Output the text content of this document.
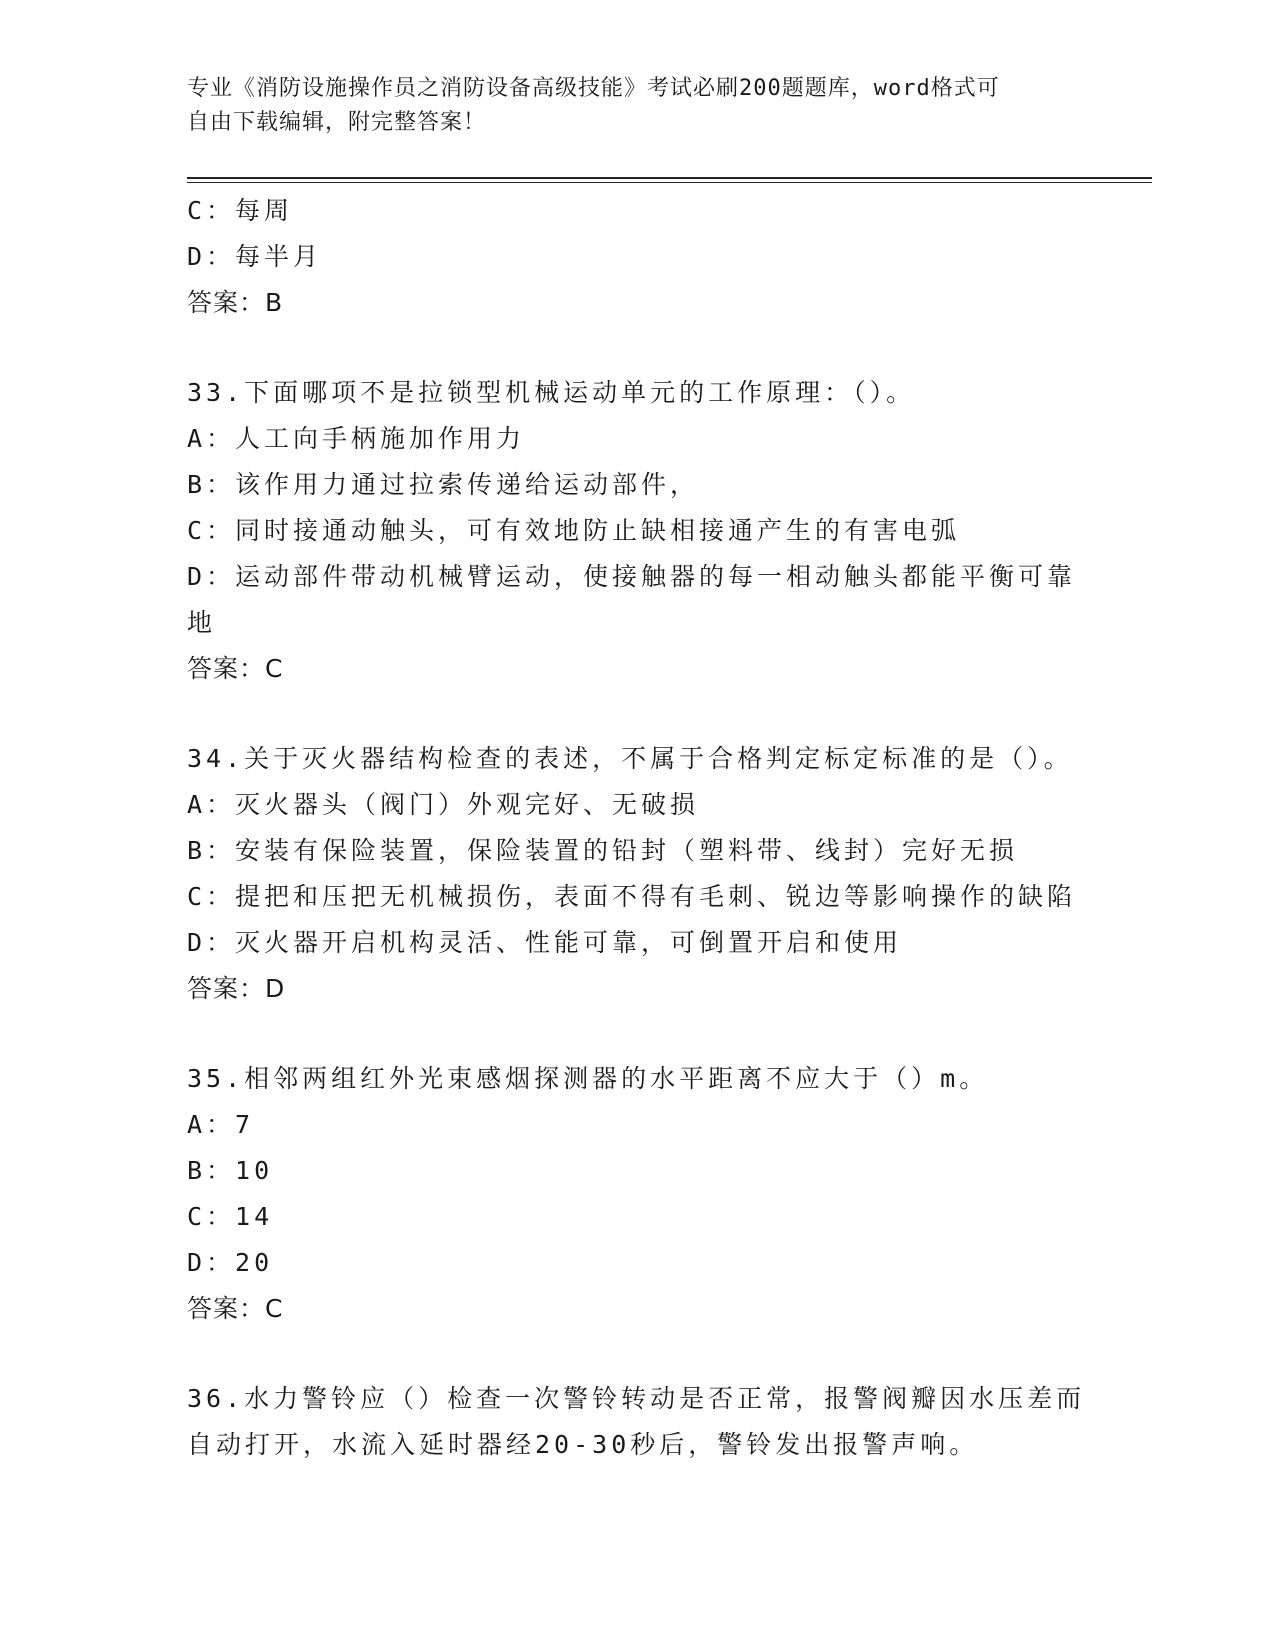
专业《消防设施操作员之消防设备高级技能》考试必刷200题题库，word格式可
自由下载编辑，附完整答案！
C：每周
D：每半月
答案：B
33.下面哪项不是拉锁型机械运动单元的工作原理：（）。
A：人工向手柄施加作用力
B：该作用力通过拉索传递给运动部件，
C：同时接通动触头，可有效地防止缺相接通产生的有害电弧
D：运动部件带动机械臂运动，使接触器的每一相动触头都能平衡可靠
地
答案：C
34.关于灭火器结构检查的表述，不属于合格判定标定标准的是（）。
A：灭火器头（阀门）外观完好、无破损
B：安装有保险装置，保险装置的铅封（塑料带、线封）完好无损
C：提把和压把无机械损伤，表面不得有毛刺、锐边等影响操作的缺陷
D：灭火器开启机构灵活、性能可靠，可倒置开启和使用
答案：D
35.相邻两组红外光束感烟探测器的水平距离不应大于（）m。
A：7
B：10
C：14
D：20
答案：C
36.水力警铃应（）检查一次警铃转动是否正常，报警阀瓣因水压差而
自动打开，水流入延时器经20-30秒后，警铃发出报警声响。
